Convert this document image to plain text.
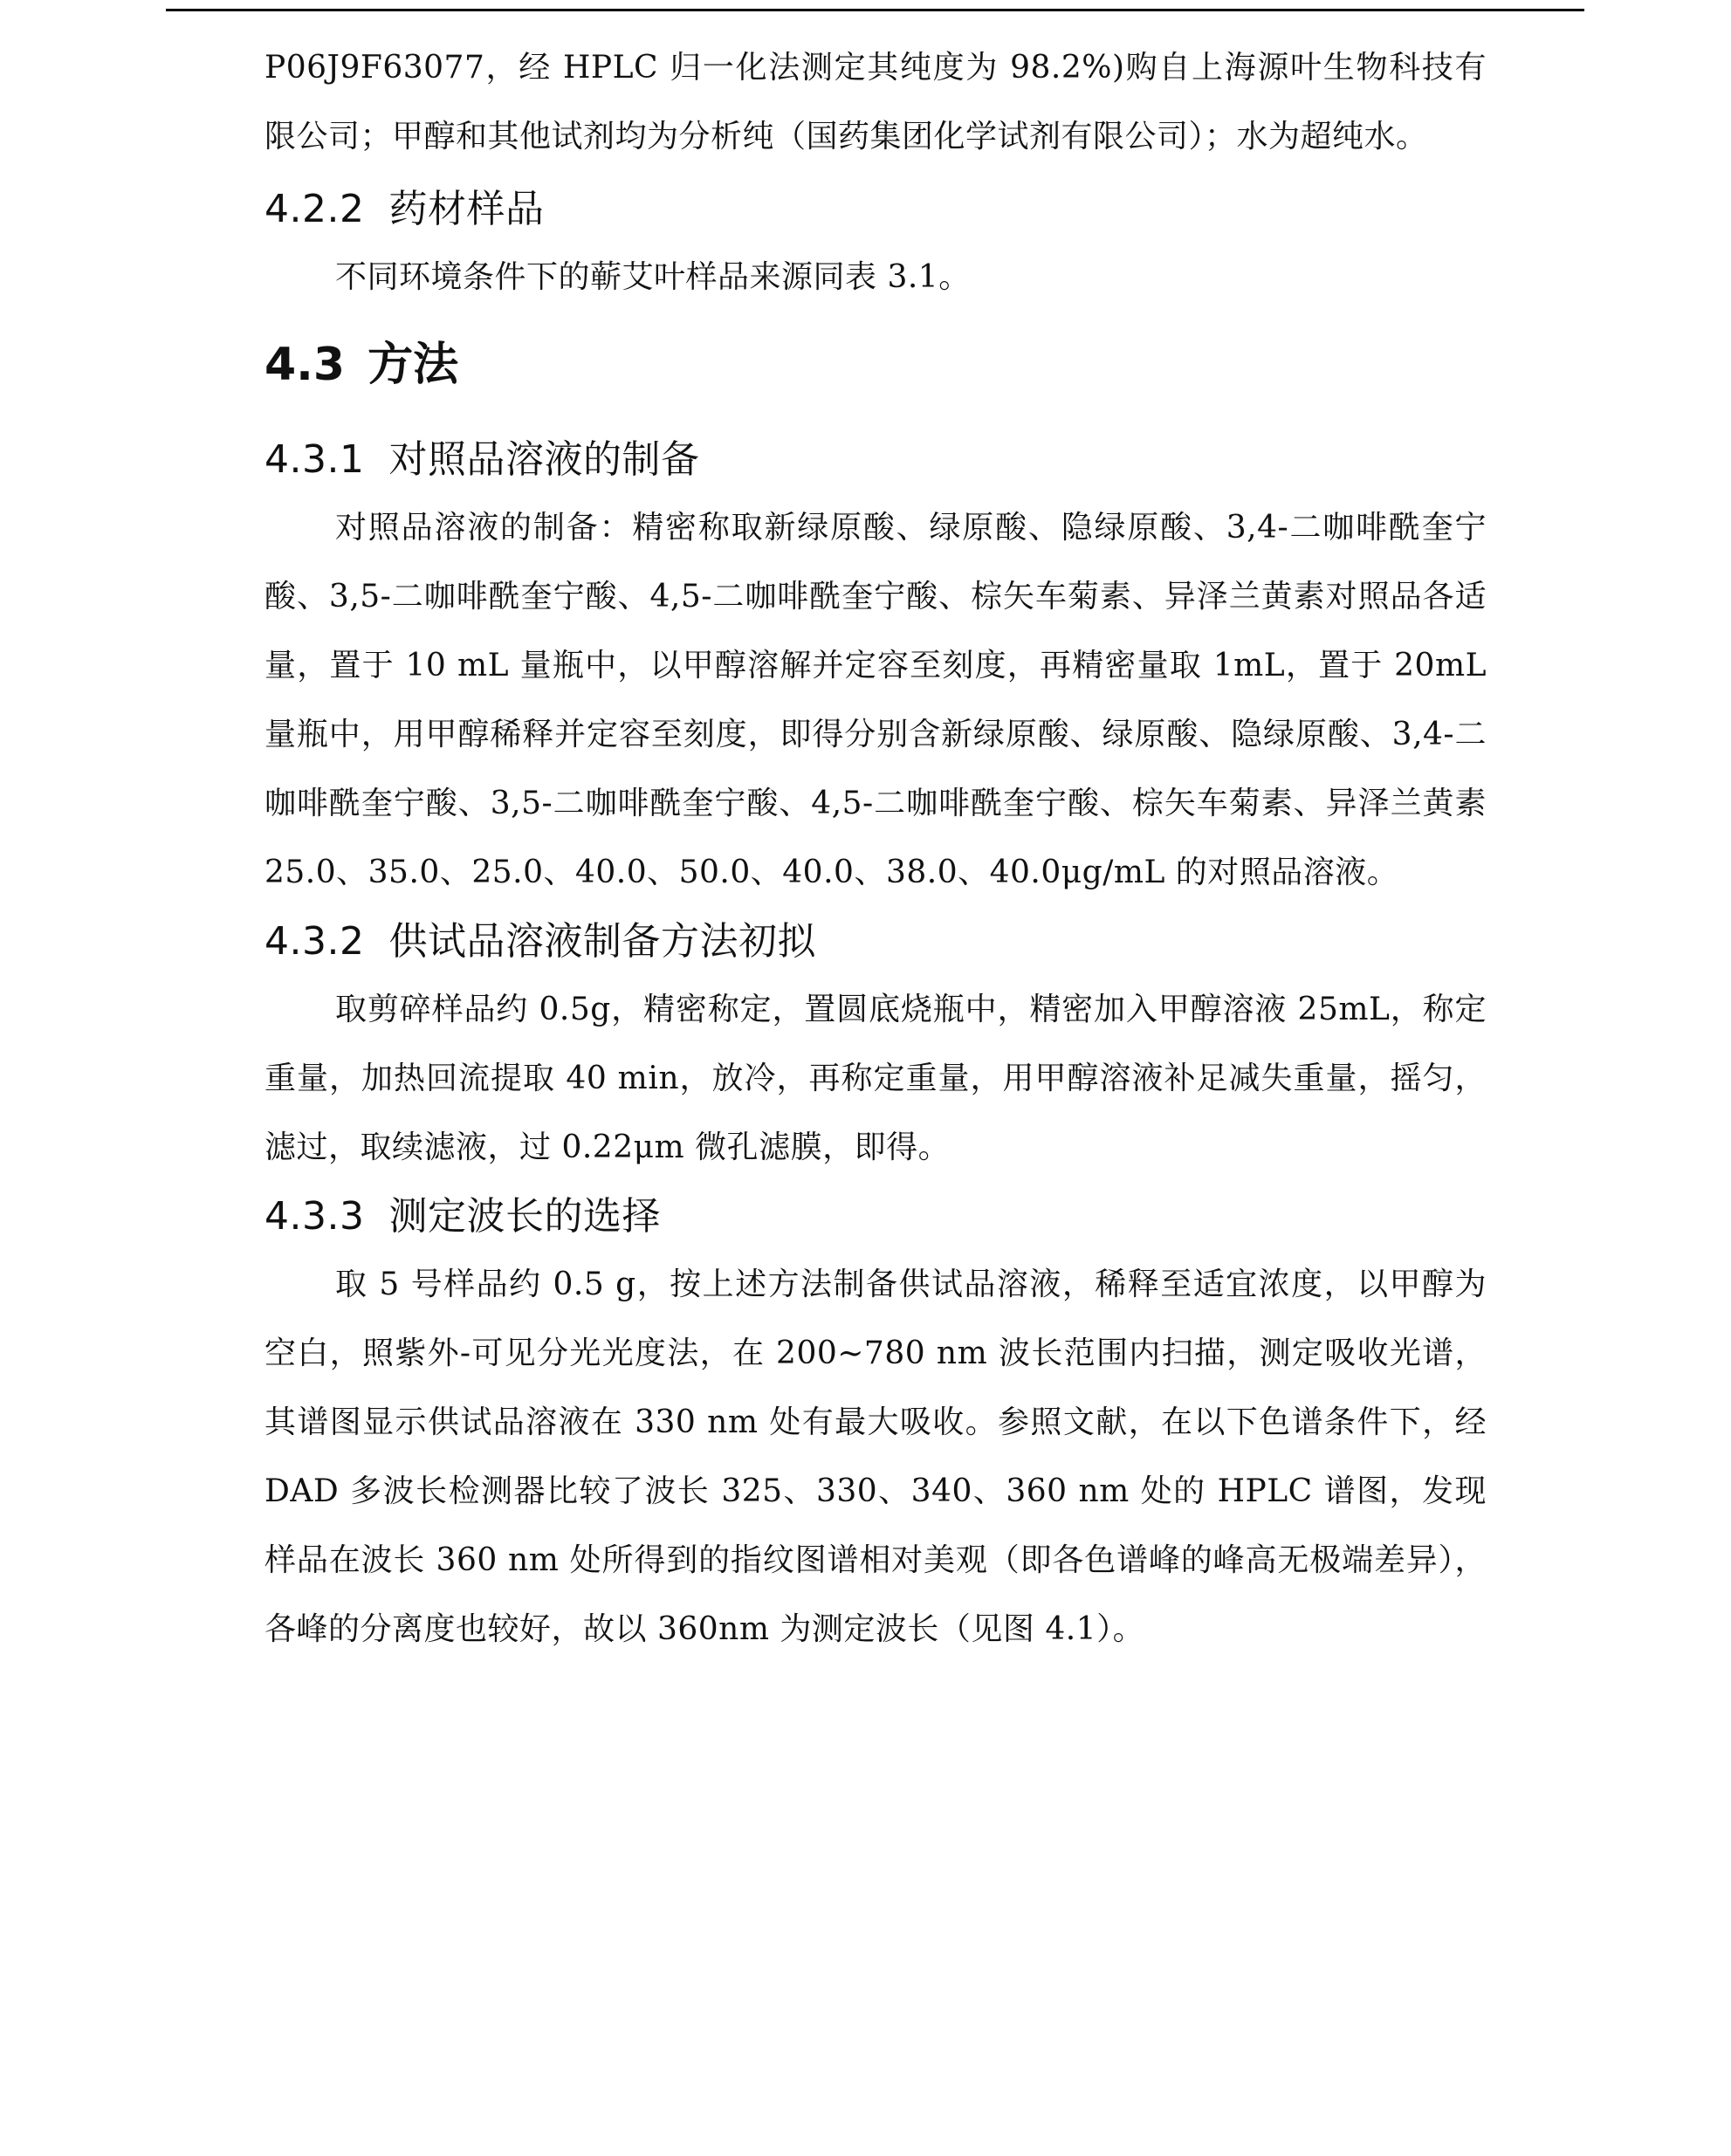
P06J9F63077，经 HPLC 归一化法测定其纯度为 98.2%)购自上海源叶生物科技有限公司；甲醇和其他试剂均为分析纯（国药集团化学试剂有限公司）；水为超纯水。

4.2.2 药材样品

不同环境条件下的蕲艾叶样品来源同表 3.1。

4.3 方法
4.3.1 对照品溶液的制备

对照品溶液的制备：精密称取新绿原酸、绿原酸、隐绿原酸、3,4-二咖啡酰奎宁酸、3,5-二咖啡酰奎宁酸、4,5-二咖啡酰奎宁酸、棕矢车菊素、异泽兰黄素对照品各适量，置于 10 mL 量瓶中，以甲醇溶解并定容至刻度，再精密量取 1mL，置于 20mL 量瓶中，用甲醇稀释并定容至刻度，即得分别含新绿原酸、绿原酸、隐绿原酸、3,4-二咖啡酰奎宁酸、3,5-二咖啡酰奎宁酸、4,5-二咖啡酰奎宁酸、棕矢车菊素、异泽兰黄素 25.0、35.0、25.0、40.0、50.0、40.0、38.0、40.0μg/mL 的对照品溶液。

4.3.2 供试品溶液制备方法初拟

取剪碎样品约 0.5g，精密称定，置圆底烧瓶中，精密加入甲醇溶液 25mL，称定重量，加热回流提取 40 min，放冷，再称定重量，用甲醇溶液补足减失重量，摇匀，滤过，取续滤液，过 0.22μm 微孔滤膜，即得。

4.3.3 测定波长的选择

取 5 号样品约 0.5 g，按上述方法制备供试品溶液，稀释至适宜浓度，以甲醇为空白，照紫外-可见分光光度法，在 200~780 nm 波长范围内扫描，测定吸收光谱，其谱图显示供试品溶液在 330 nm 处有最大吸收。参照文献，在以下色谱条件下，经 DAD 多波长检测器比较了波长 325、330、340、360 nm 处的 HPLC 谱图，发现样品在波长 360 nm 处所得到的指纹图谱相对美观（即各色谱峰的峰高无极端差异），各峰的分离度也较好，故以 360nm 为测定波长（见图 4.1）。
